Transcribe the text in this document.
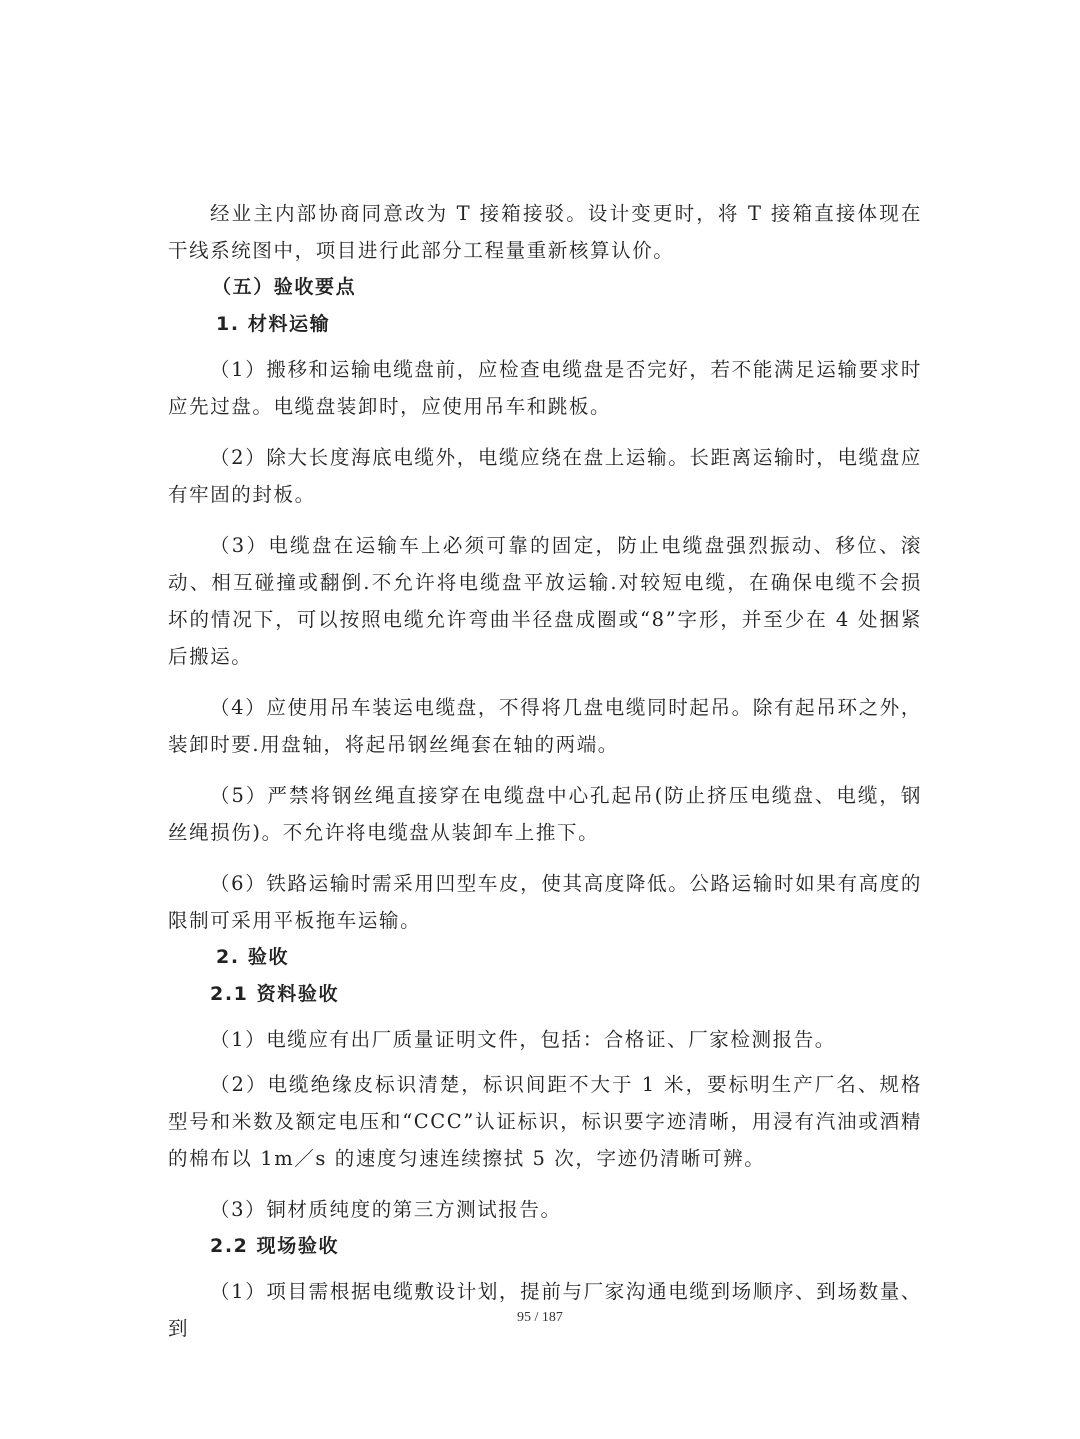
经业主内部协商同意改为 T 接箱接驳。设计变更时，将 T 接箱直接体现在干线系统图中，项目进行此部分工程量重新核算认价。

（五）验收要点

1. 材料运输

（1）搬移和运输电缆盘前，应检查电缆盘是否完好，若不能满足运输要求时应先过盘。电缆盘装卸时，应使用吊车和跳板。

（2）除大长度海底电缆外，电缆应绕在盘上运输。长距离运输时，电缆盘应有牢固的封板。

（3）电缆盘在运输车上必须可靠的固定，防止电缆盘强烈振动、移位、滚动、相互碰撞或翻倒.不允许将电缆盘平放运输.对较短电缆，在确保电缆不会损坏的情况下，可以按照电缆允许弯曲半径盘成圈或“8”字形，并至少在 4 处捆紧后搬运。

（4）应使用吊车装运电缆盘，不得将几盘电缆同时起吊。除有起吊环之外，装卸时要.用盘轴，将起吊钢丝绳套在轴的两端。

（5）严禁将钢丝绳直接穿在电缆盘中心孔起吊(防止挤压电缆盘、电缆，钢丝绳损伤)。不允许将电缆盘从装卸车上推下。

（6）铁路运输时需采用凹型车皮，使其高度降低。公路运输时如果有高度的限制可采用平板拖车运输。

2. 验收

2.1 资料验收

（1）电缆应有出厂质量证明文件，包括：合格证、厂家检测报告。

（2）电缆绝缘皮标识清楚，标识间距不大于 1 米，要标明生产厂名、规格型号和米数及额定电压和“CCC”认证标识，标识要字迹清晰，用浸有汽油或酒精的棉布以 1m／s 的速度匀速连续擦拭 5 次，字迹仍清晰可辨。

（3）铜材质纯度的第三方测试报告。

2.2 现场验收

（1）项目需根据电缆敷设计划，提前与厂家沟通电缆到场顺序、到场数量、到	95 / 187
